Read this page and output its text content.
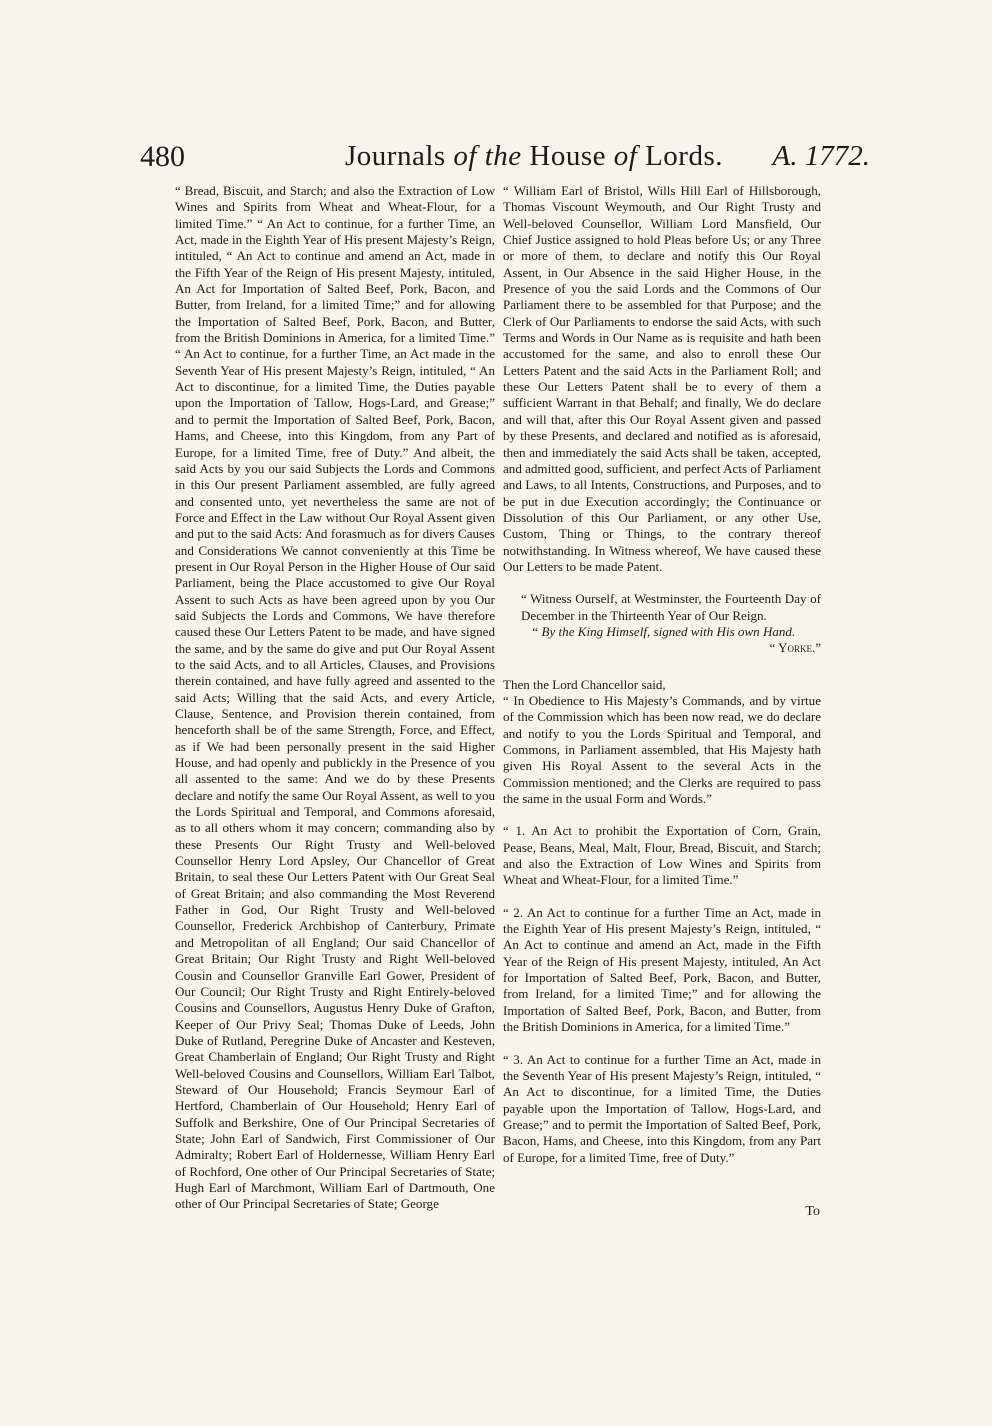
480	Journals of the House of Lords. A. 1772.

“ Bread, Biscuit, and Starch; and also the Extraction of Low Wines and Spirits from Wheat and Wheat-Flour, for a limited Time.” “ An Act to continue, for a further Time, an Act, made in the Eighth Year of His present Majesty’s Reign, intituled, “ An Act to continue and amend an Act, made in the Fifth Year of the Reign of His present Majesty, intituled, An Act for Importation of Salted Beef, Pork, Bacon, and Butter, from Ireland, for a limited Time;” and for allowing the Importation of Salted Beef, Pork, Bacon, and Butter, from the British Dominions in America, for a limited Time.” “ An Act to continue, for a further Time, an Act made in the Seventh Year of His present Majesty’s Reign, intituled, “ An Act to discontinue, for a limited Time, the Duties payable upon the Importation of Tallow, Hogs-Lard, and Grease;” and to permit the Importation of Salted Beef, Pork, Bacon, Hams, and Cheese, into this Kingdom, from any Part of Europe, for a limited Time, free of Duty.” And albeit, the said Acts by you our said Subjects the Lords and Commons in this Our present Parliament assembled, are fully agreed and consented unto, yet nevertheless the same are not of Force and Effect in the Law without Our Royal Assent given and put to the said Acts: And forasmuch as for divers Causes and Considerations We cannot conveniently at this Time be present in Our Royal Person in the Higher House of Our said Parliament, being the Place accustomed to give Our Royal Assent to such Acts as have been agreed upon by you Our said Subjects the Lords and Commons, We have therefore caused these Our Letters Patent to be made, and have signed the same, and by the same do give and put Our Royal Assent to the said Acts, and to all Articles, Clauses, and Provisions therein contained, and have fully agreed and assented to the said Acts; Willing that the said Acts, and every Article, Clause, Sentence, and Provision therein contained, from henceforth shall be of the same Strength, Force, and Effect, as if We had been personally present in the said Higher House, and had openly and publickly in the Presence of you all assented to the same: And we do by these Presents declare and notify the same Our Royal Assent, as well to you the Lords Spiritual and Temporal, and Commons aforesaid, as to all others whom it may concern; commanding also by these Presents Our Right Trusty and Well-beloved Counsellor Henry Lord Apsley, Our Chancellor of Great Britain, to seal these Our Letters Patent with Our Great Seal of Great Britain; and also commanding the Most Reverend Father in God, Our Right Trusty and Well-beloved Counsellor, Frederick Archbishop of Canterbury, Primate and Metropolitan of all England; Our said Chancellor of Great Britain; Our Right Trusty and Right Well-beloved Cousin and Counsellor Granville Earl Gower, President of Our Council; Our Right Trusty and Right Entirely-beloved Cousins and Counsellors, Augustus Henry Duke of Grafton, Keeper of Our Privy Seal; Thomas Duke of Leeds, John Duke of Rutland, Peregrine Duke of Ancaster and Kesteven, Great Chamberlain of England; Our Right Trusty and Right Well-beloved Cousins and Counsellors, William Earl Talbot, Steward of Our Household; Francis Seymour Earl of Hertford, Chamberlain of Our Household; Henry Earl of Suffolk and Berkshire, One of Our Principal Secretaries of State; John Earl of Sandwich, First Commissioner of Our Admiralty; Robert Earl of Holdernesse, William Henry Earl of Rochford, One other of Our Principal Secretaries of State; Hugh Earl of Marchmont, William Earl of Dartmouth, One other of Our Principal Secretaries of State; George

“ William Earl of Bristol, Wills Hill Earl of Hillsborough, Thomas Viscount Weymouth, and Our Right Trusty and Well-beloved Counsellor, William Lord Mansfield, Our Chief Justice assigned to hold Pleas before Us; or any Three or more of them, to declare and notify this Our Royal Assent, in Our Absence in the said Higher House, in the Presence of you the said Lords and the Commons of Our Parliament there to be assembled for that Purpose; and the Clerk of Our Parliaments to endorse the said Acts, with such Terms and Words in Our Name as is requisite and hath been accustomed for the same, and also to enroll these Our Letters Patent and the said Acts in the Parliament Roll; and these Our Letters Patent shall be to every of them a sufficient Warrant in that Behalf; and finally, We do declare and will that, after this Our Royal Assent given and passed by these Presents, and declared and notified as is aforesaid, then and immediately the said Acts shall be taken, accepted, and admitted good, sufficient, and perfect Acts of Parliament and Laws, to all Intents, Constructions, and Purposes, and to be put in due Execution accordingly; the Continuance or Dissolution of this Our Parliament, or any other Use, Custom, Thing or Things, to the contrary thereof notwithstanding. In Witness whereof, We have caused these Our Letters to be made Patent.

“ Witness Ourself, at Westminster, the Fourteenth Day of December in the Thirteenth Year of Our Reign.

“ By the King Himself, signed with His own Hand.

“ Yorke.”

Then the Lord Chancellor said,

“ In Obedience to His Majesty’s Commands, and by virtue of the Commission which has been now read, we do declare and notify to you the Lords Spiritual and Temporal, and Commons, in Parliament assembled, that His Majesty hath given His Royal Assent to the several Acts in the Commission mentioned; and the Clerks are required to pass the same in the usual Form and Words.”

“ 1. An Act to prohibit the Exportation of Corn, Grain, Pease, Beans, Meal, Malt, Flour, Bread, Biscuit, and Starch; and also the Extraction of Low Wines and Spirits from Wheat and Wheat-Flour, for a limited Time.”

“ 2. An Act to continue for a further Time an Act, made in the Eighth Year of His present Majesty’s Reign, intituled, “ An Act to continue and amend an Act, made in the Fifth Year of the Reign of His present Majesty, intituled, An Act for Importation of Salted Beef, Pork, Bacon, and Butter, from Ireland, for a limited Time;” and for allowing the Importation of Salted Beef, Pork, Bacon, and Butter, from the British Dominions in America, for a limited Time.”

“ 3. An Act to continue for a further Time an Act, made in the Seventh Year of His present Majesty’s Reign, intituled, “ An Act to discontinue, for a limited Time, the Duties payable upon the Importation of Tallow, Hogs-Lard, and Grease;” and to permit the Importation of Salted Beef, Pork, Bacon, Hams, and Cheese, into this Kingdom, from any Part of Europe, for a limited Time, free of Duty.”

To
